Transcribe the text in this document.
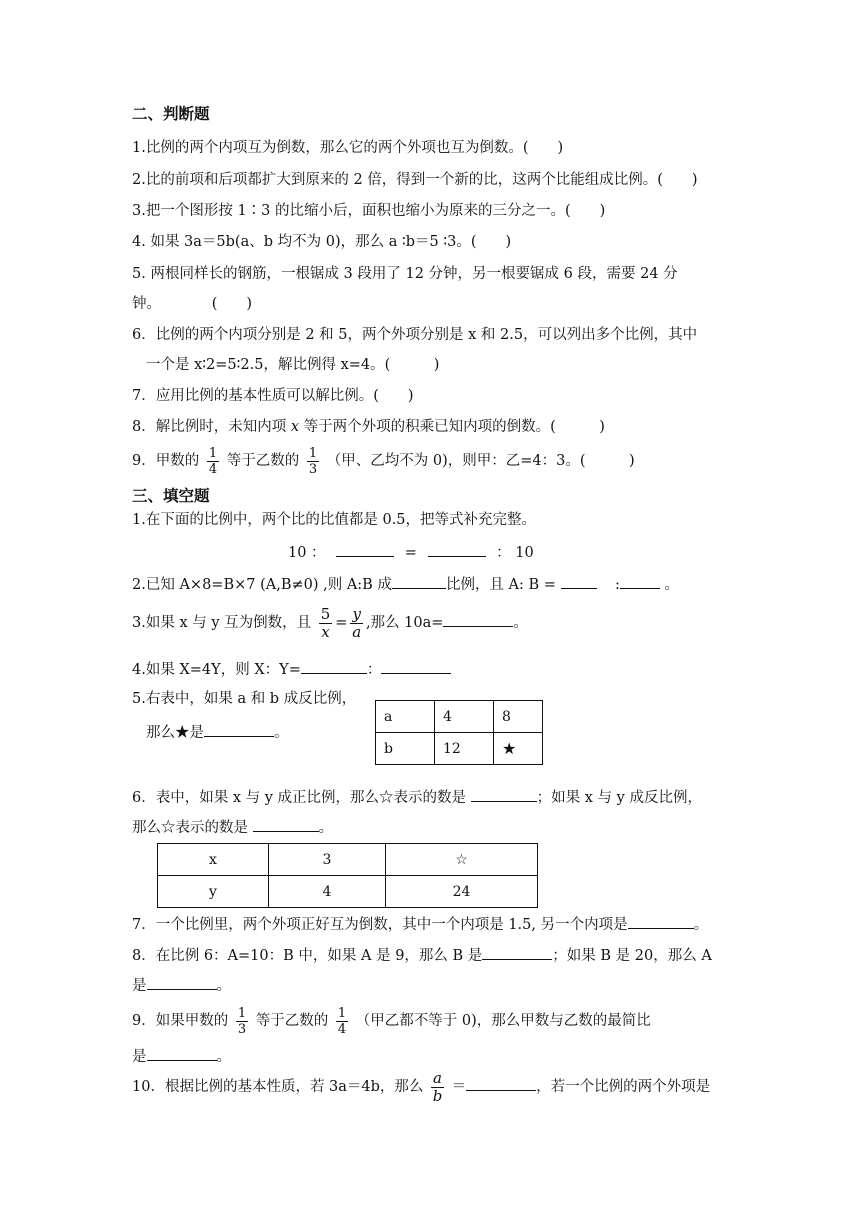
二、判断题
1.比例的两个内项互为倒数，那么它的两个外项也互为倒数。(　　)
2.比的前项和后项都扩大到原来的 2 倍，得到一个新的比，这两个比能组成比例。(　　)
3.把一个图形按 1∶3 的比缩小后，面积也缩小为原来的三分之一。(　　)
4. 如果 3a＝5b(a、b 均不为 0)，那么 a ∶b＝5 ∶3。(　　)
5. 两根同样长的钢筋，一根锯成 3 段用了 12 分钟，另一根要锯成 6 段，需要 24 分
钟。　　　　(　　)
6．比例的两个内项分别是 2 和 5，两个外项分别是 x 和 2.5，可以列出多个比例，其中
一个是 x∶2=5∶2.5，解比例得 x=4。(　　　)
7．应用比例的基本性质可以解比例。(　　)
8．解比例时，未知内项 x 等于两个外项的积乘已知内项的倒数。(　　　)
9．甲数的 $\frac{1}{4}$ 等于乙数的 $\frac{1}{3}$ （甲、乙均不为 0)，则甲：乙=4：3。(　　　)
三、填空题
1.在下面的比例中，两个比的比值都是 0.5，把等式补充完整。
10 ：	=	： 10
2.已知 A×8=B×7 (A,B≠0) ,则 A:B 成	比例，且 A: B =	:	。
3.如果 x 与 y 互为倒数，且 $\frac{5}{x} = \frac{y}{a}$ ,那么 10a=	。
4.如果 X=4Y，则 X：Y=	：
5.右表中，如果 a 和 b 成反比例，
那么★是	。
a	4	8
b	12	★
6．表中，如果 x 与 y 成正比例，那么☆表示的数是	；如果 x 与 y 成反比例，
那么☆表示的数是	。
x	3	☆
y	4	24
7．一个比例里，两个外项正好互为倒数，其中一个内项是 1.5, 另一个内项是	。
8．在比例 6：A=10：B 中，如果 A 是 9，那么 B 是	；如果 B 是 20，那么 A
是	。
9．如果甲数的 $\frac{1}{3}$ 等于乙数的 $\frac{1}{4}$ （甲乙都不等于 0)，那么甲数与乙数的最简比
是	。
10．根据比例的基本性质，若 3a＝4b，那么 $\frac{a}{b}$ ＝	，若一个比例的两个外项是
